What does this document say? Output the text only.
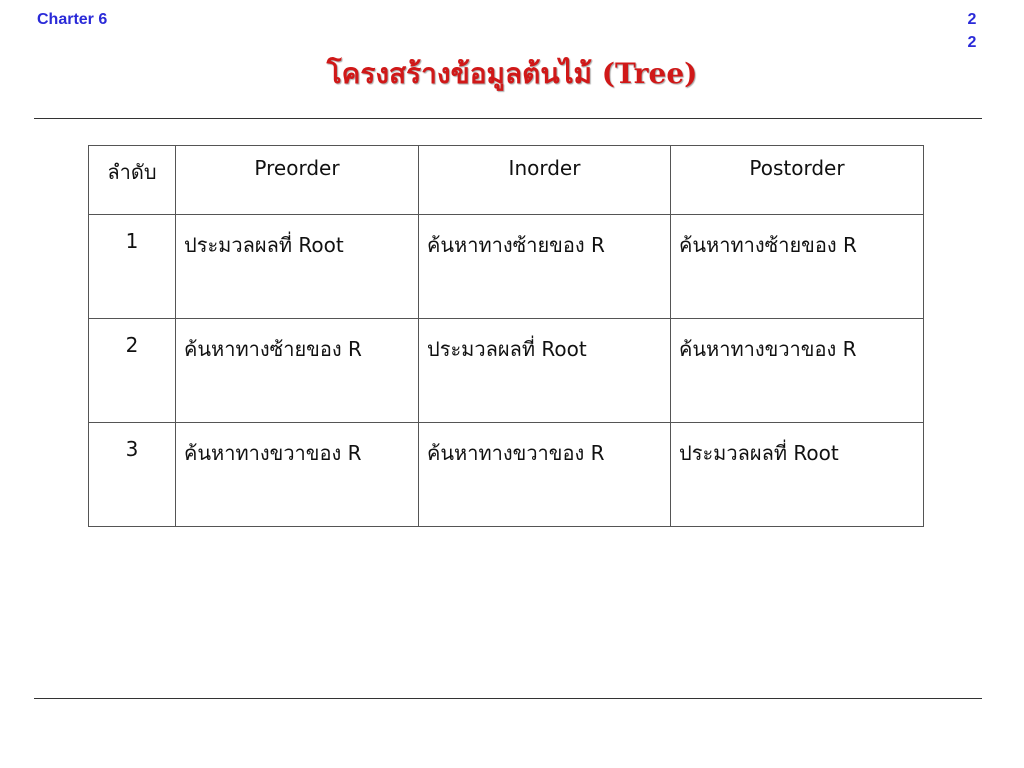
Charter 6	2
2
โครงสร้างข้อมูลต้นไม้ (Tree)
ลำดับ	Preorder	Inorder	Postorder
1	ประมวลผลที่ Root	ค้นหาทางซ้ายของ R	ค้นหาทางซ้ายของ R
2	ค้นหาทางซ้ายของ R	ประมวลผลที่ Root	ค้นหาทางขวาของ R
3	ค้นหาทางขวาของ R	ค้นหาทางขวาของ R	ประมวลผลที่ Root
